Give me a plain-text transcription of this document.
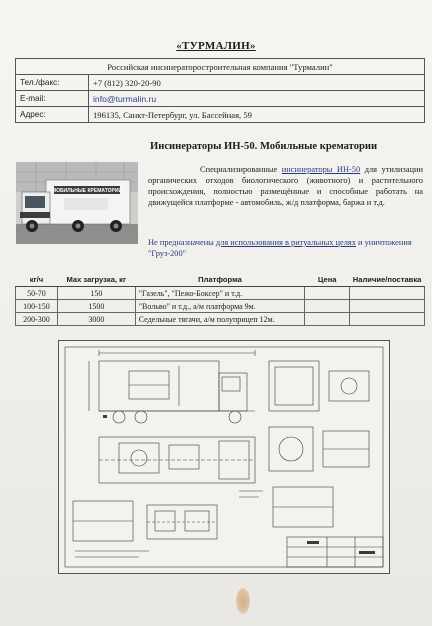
«ТУРМАЛИН»
Российская инсинераторостроительная компания "Турмалин"	
Тел./факс:	+7 (812) 320-20-90
E-mail:	info@turmalin.ru
Адрес:	196135, Санкт-Петербург, ул. Бассейная, 59
Инсинераторы ИН-50. Мобильные крематории
МОБИЛЬНЫЕ КРЕМАТОРИИ
Специализированные инсинераторы ИН-50 для утилизации органических отходов биологического (животного) и растительного происхождения, полностью размещённые и способные работать на движущейся платформе - автомобиль, ж/д платформа, баржа и т.д.
Не предназначены для использования в ритуальных целях и уничтожения "Груз-200"
кг/ч	Max загрузка, кг	Платформа	Цена	Наличие/поставка
50-70	150	"Газель", "Пежо-Боксер" и т.д.		
100-150	1500	"Вольво" и т.д., а/м платформа 9м.		
200-300	3000	Седельные тягачи, а/м полуприцеп 12м.		
